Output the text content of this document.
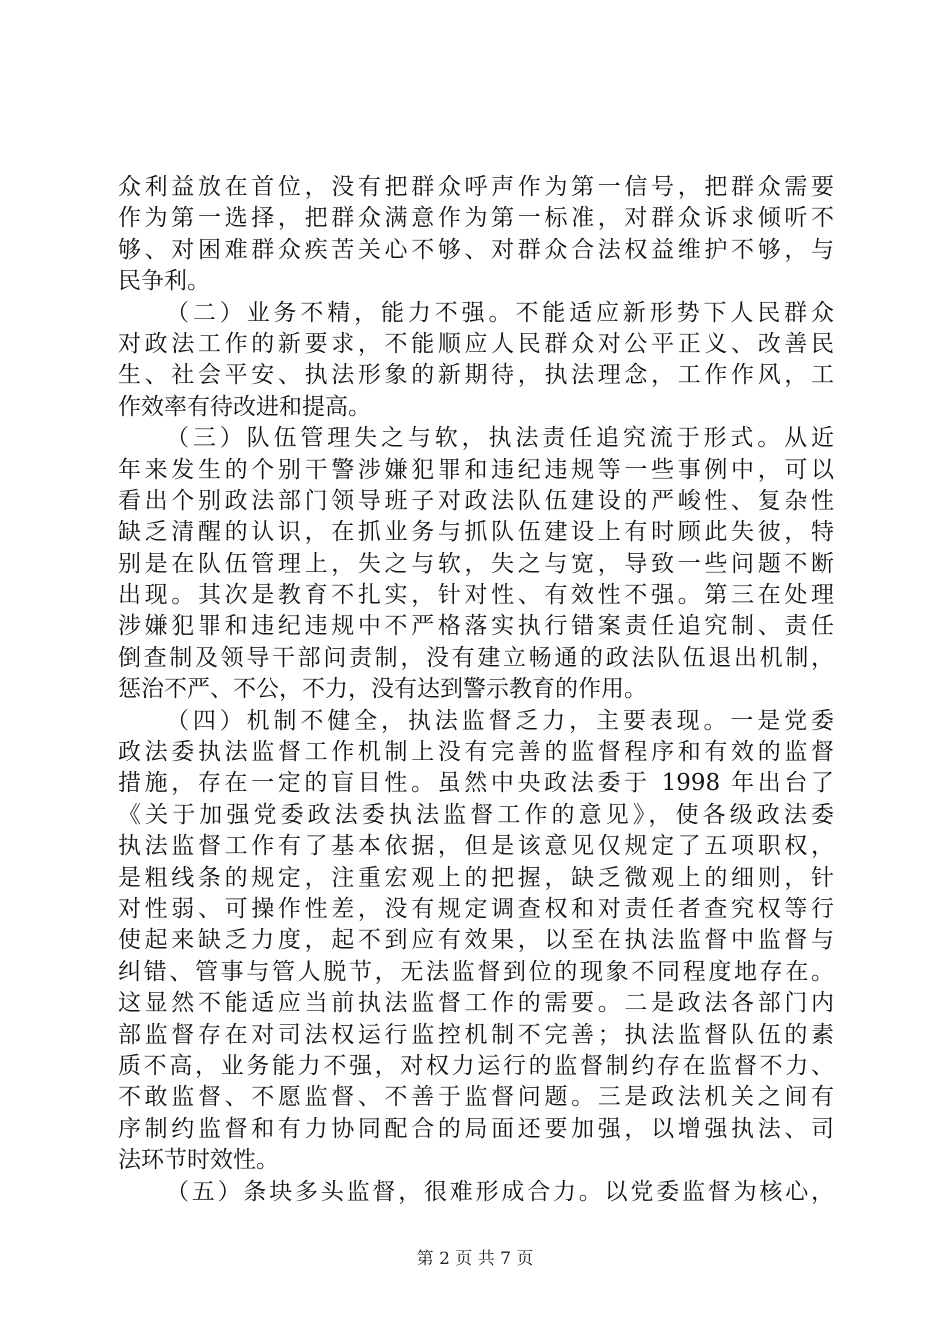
众利益放在首位，没有把群众呼声作为第一信号，把群众需要
作为第一选择，把群众满意作为第一标准，对群众诉求倾听不
够、对困难群众疾苦关心不够、对群众合法权益维护不够，与
民争利。
（二）业务不精，能力不强。不能适应新形势下人民群众
对政法工作的新要求，不能顺应人民群众对公平正义、改善民
生、社会平安、执法形象的新期待，执法理念，工作作风，工
作效率有待改进和提高。
（三）队伍管理失之与软，执法责任追究流于形式。从近
年来发生的个别干警涉嫌犯罪和违纪违规等一些事例中，可以
看出个别政法部门领导班子对政法队伍建设的严峻性、复杂性
缺乏清醒的认识，在抓业务与抓队伍建设上有时顾此失彼，特
别是在队伍管理上，失之与软，失之与宽，导致一些问题不断
出现。其次是教育不扎实，针对性、有效性不强。第三在处理
涉嫌犯罪和违纪违规中不严格落实执行错案责任追究制、责任
倒查制及领导干部问责制，没有建立畅通的政法队伍退出机制，
惩治不严、不公，不力，没有达到警示教育的作用。
（四）机制不健全，执法监督乏力，主要表现。一是党委
政法委执法监督工作机制上没有完善的监督程序和有效的监督
措施，存在一定的盲目性。虽然中央政法委于 1998 年出台了
《关于加强党委政法委执法监督工作的意见》，使各级政法委
执法监督工作有了基本依据，但是该意见仅规定了五项职权，
是粗线条的规定，注重宏观上的把握，缺乏微观上的细则，针
对性弱、可操作性差，没有规定调查权和对责任者查究权等行
使起来缺乏力度，起不到应有效果，以至在执法监督中监督与
纠错、管事与管人脱节，无法监督到位的现象不同程度地存在。
这显然不能适应当前执法监督工作的需要。二是政法各部门内
部监督存在对司法权运行监控机制不完善；执法监督队伍的素
质不高，业务能力不强，对权力运行的监督制约存在监督不力、
不敢监督、不愿监督、不善于监督问题。三是政法机关之间有
序制约监督和有力协同配合的局面还要加强，以增强执法、司
法环节时效性。
（五）条块多头监督，很难形成合力。以党委监督为核心，
第 2 页 共 7 页
